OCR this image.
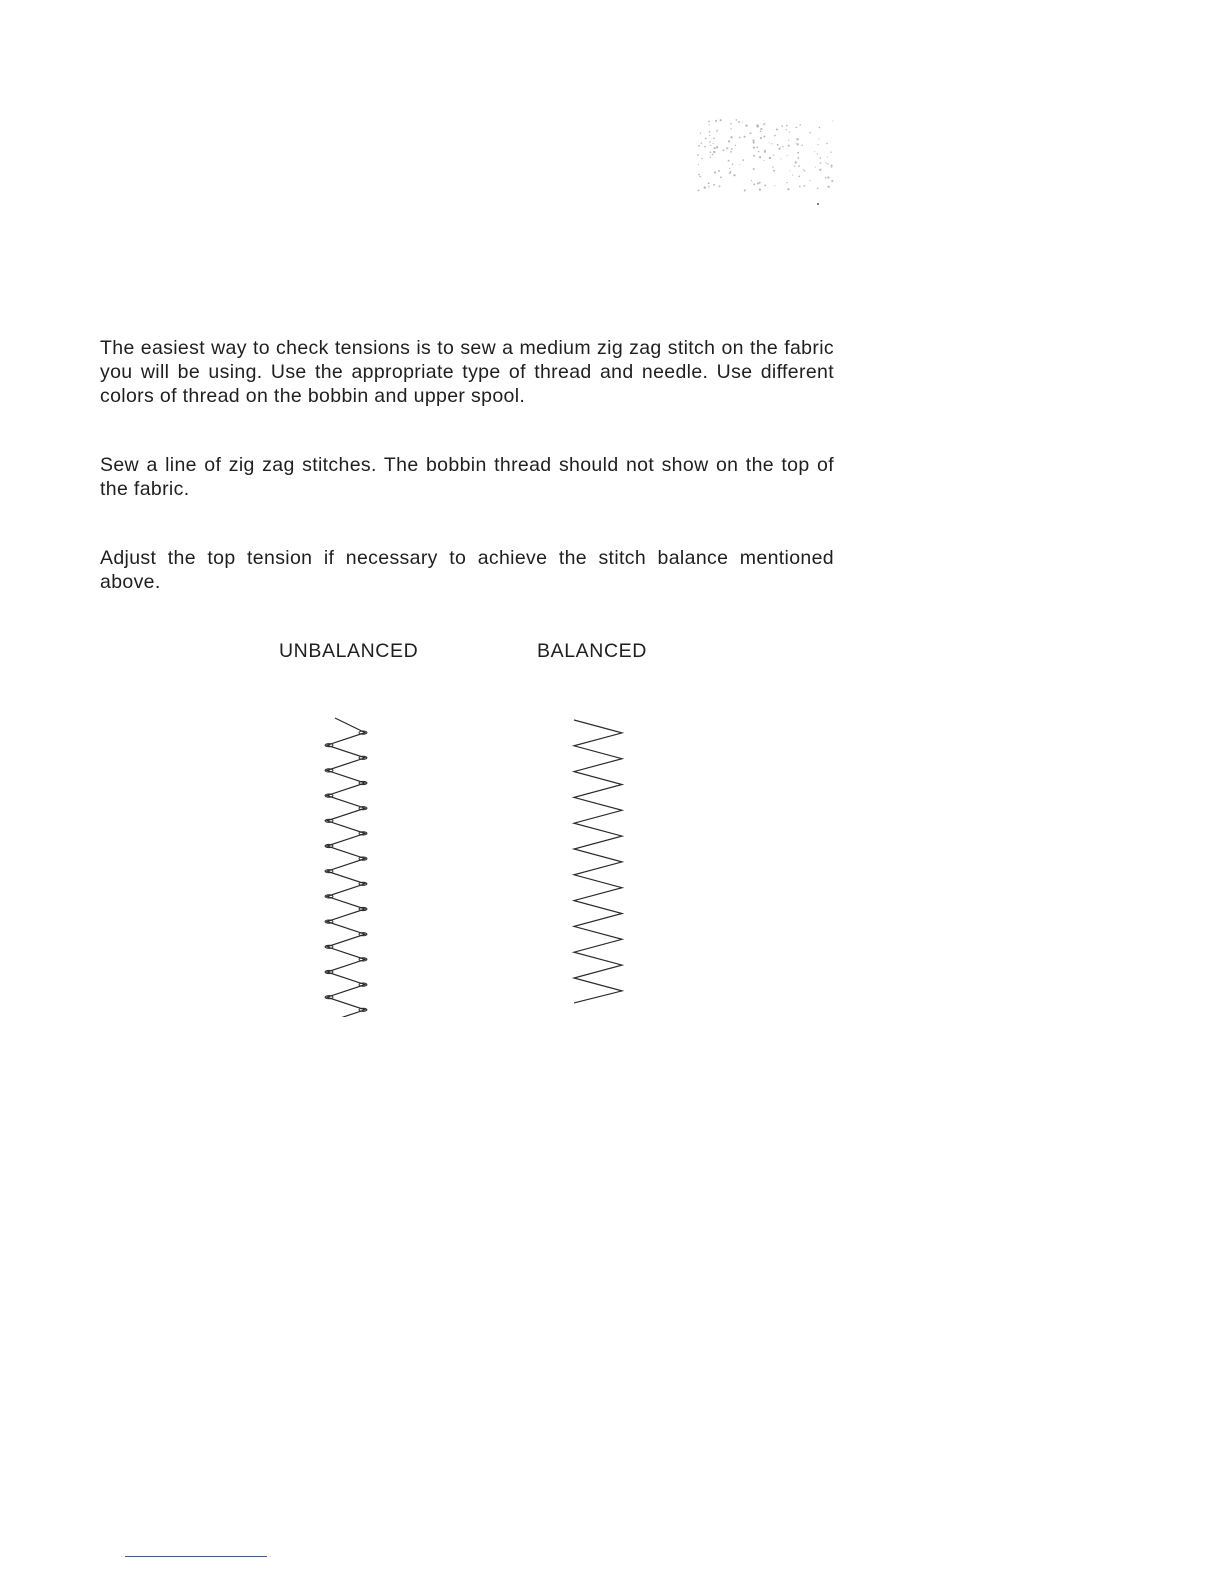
The easiest way to check tensions is to sew a medium zig zag stitch on the fabric you will be using. Use the appropriate type of thread and needle. Use different colors of thread on the bobbin and upper spool.

Sew a line of zig zag stitches. The bobbin thread should not show on the top of the fabric.

Adjust the top tension if necessary to achieve the stitch balance mentioned above.

UNBALANCED	BALANCED
